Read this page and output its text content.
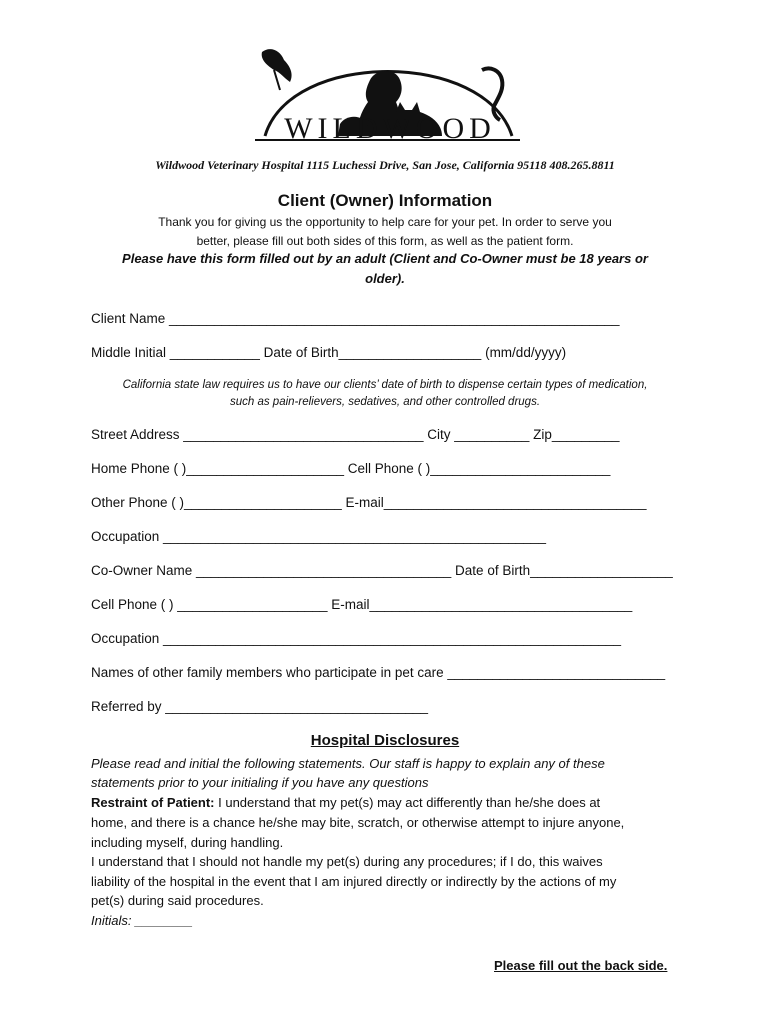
WILDWOOD
Wildwood Veterinary Hospital 1115 Luchessi Drive, San Jose, California 95118 408.265.8811
Client (Owner) Information
Thank you for giving us the opportunity to help care for your pet. In order to serve you
better, please fill out both sides of this form, as well as the patient form.
Please have this form filled out by an adult (Client and Co-Owner must be 18 years or
older).
Client Name ____________________________________________________________
Middle Initial ____________ Date of Birth___________________ (mm/dd/yyyy)
California state law requires us to have our clients’ date of birth to dispense certain types of medication,
such as pain-relievers, sedatives, and other controlled drugs.
Street Address ________________________________ City __________ Zip_________
Home Phone ( )_____________________ Cell Phone ( )________________________
Other Phone ( )_____________________ E-mail___________________________________
Occupation ___________________________________________________
Co-Owner Name __________________________________ Date of Birth___________________
Cell Phone ( ) ____________________ E-mail___________________________________
Occupation _____________________________________________________________
Names of other family members who participate in pet care _____________________________
Referred by ___________________________________
Hospital Disclosures
Please read and initial the following statements. Our staff is happy to explain any of these
statements prior to your initialing if you have any questions
Restraint of Patient: I understand that my pet(s) may act differently than he/she does at
home, and there is a chance he/she may bite, scratch, or otherwise attempt to injure anyone,
including myself, during handling.
I understand that I should not handle my pet(s) during any procedures; if I do, this waives
liability of the hospital in the event that I am injured directly or indirectly by the actions of my
pet(s) during said procedures.
Initials: ________
Please fill out the back side.
